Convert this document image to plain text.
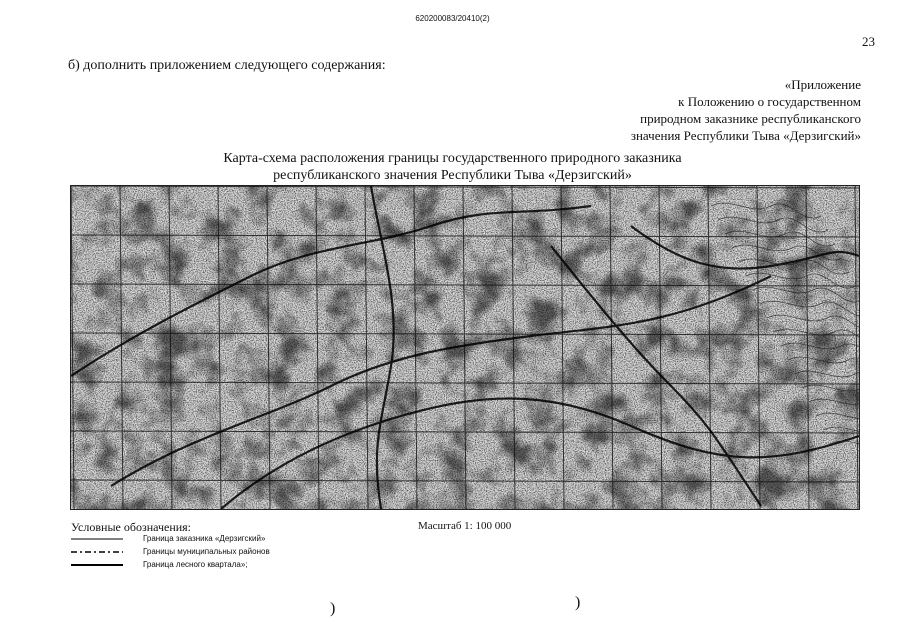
620200083/20410(2)
23
б) дополнить приложением следующего содержания:
«Приложение
к Положению о государственном
природном заказнике республиканского
значения Республики Тыва «Дерзигский»
Карта-схема расположения границы государственного природного заказника
республиканского значения Республики Тыва «Дерзигский»
Условные обозначения:	Масштаб 1: 100 000
Граница заказника «Дерзигский»
Границы муниципальных районов
Граница лесного квартала»;
)	)
